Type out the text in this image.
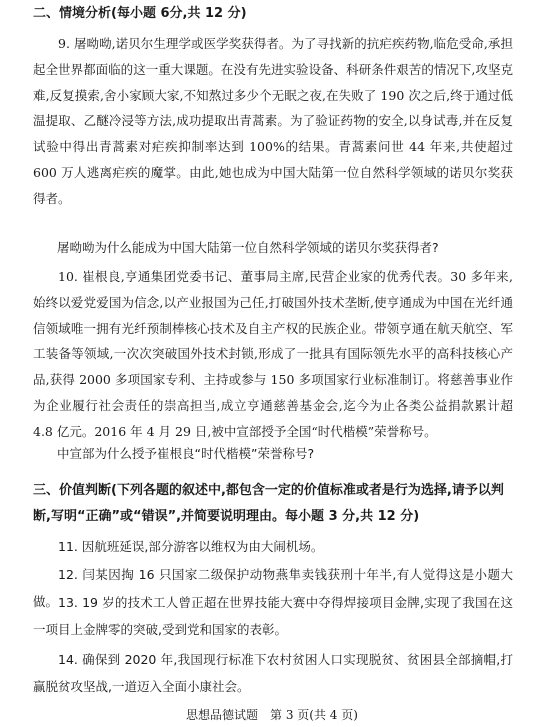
二、情境分析(每小题 6分,共 12 分)
9. 屠呦呦,诺贝尔生理学或医学奖获得者。为了寻找新的抗疟疾药物,临危受命,承担起全世界都面临的这一重大课题。在没有先进实验设备、科研条件艰苦的情况下,攻坚克难,反复摸索,舍小家顾大家,不知熬过多少个无眠之夜,在失败了 190 次之后,终于通过低温提取、乙醚冷浸等方法,成功提取出青蒿素。为了验证药物的安全,以身试毒,并在反复试验中得出青蒿素对疟疾抑制率达到 100%的结果。青蒿素问世 44 年来,共使超过 600 万人逃离疟疾的魔掌。由此,她也成为中国大陆第一位自然科学领域的诺贝尔奖获得者。
屠呦呦为什么能成为中国大陆第一位自然科学领域的诺贝尔奖获得者?
10. 崔根良,亨通集团党委书记、董事局主席,民营企业家的优秀代表。30 多年来,始终以爱党爱国为信念,以产业报国为己任,打破国外技术垄断,使亨通成为中国在光纤通信领域唯一拥有光纤预制棒核心技术及自主产权的民族企业。带领亨通在航天航空、军工装备等领域,一次次突破国外技术封锁,形成了一批具有国际领先水平的高科技核心产品,获得 2000 多项国家专利、主持或参与 150 多项国家行业标准制订。将慈善事业作为企业履行社会责任的崇高担当,成立亨通慈善基金会,迄今为止各类公益捐款累计超 4.8 亿元。2016 年 4 月 29 日,被中宣部授予全国“时代楷模”荣誉称号。
中宣部为什么授予崔根良“时代楷模”荣誉称号?
三、价值判断(下列各题的叙述中,都包含一定的价值标准或者是行为选择,请予以判断,写明“正确”或“错误”,并简要说明理由。每小题 3 分,共 12 分)
11. 因航班延误,部分游客以维权为由大闹机场。
12. 闫某因掏 16 只国家二级保护动物燕隼卖钱获刑十年半,有人觉得这是小题大做。 13. 19 岁的技术工人曾正超在世界技能大赛中夺得焊接项目金牌,实现了我国在这一项目上金牌零的突破,受到党和国家的表彰。
14. 确保到 2020 年,我国现行标准下农村贫困人口实现脱贫、贫困县全部摘帽,打赢脱贫攻坚战,一道迈入全面小康社会。
思想品德试题　第 3 页(共 4 页)
